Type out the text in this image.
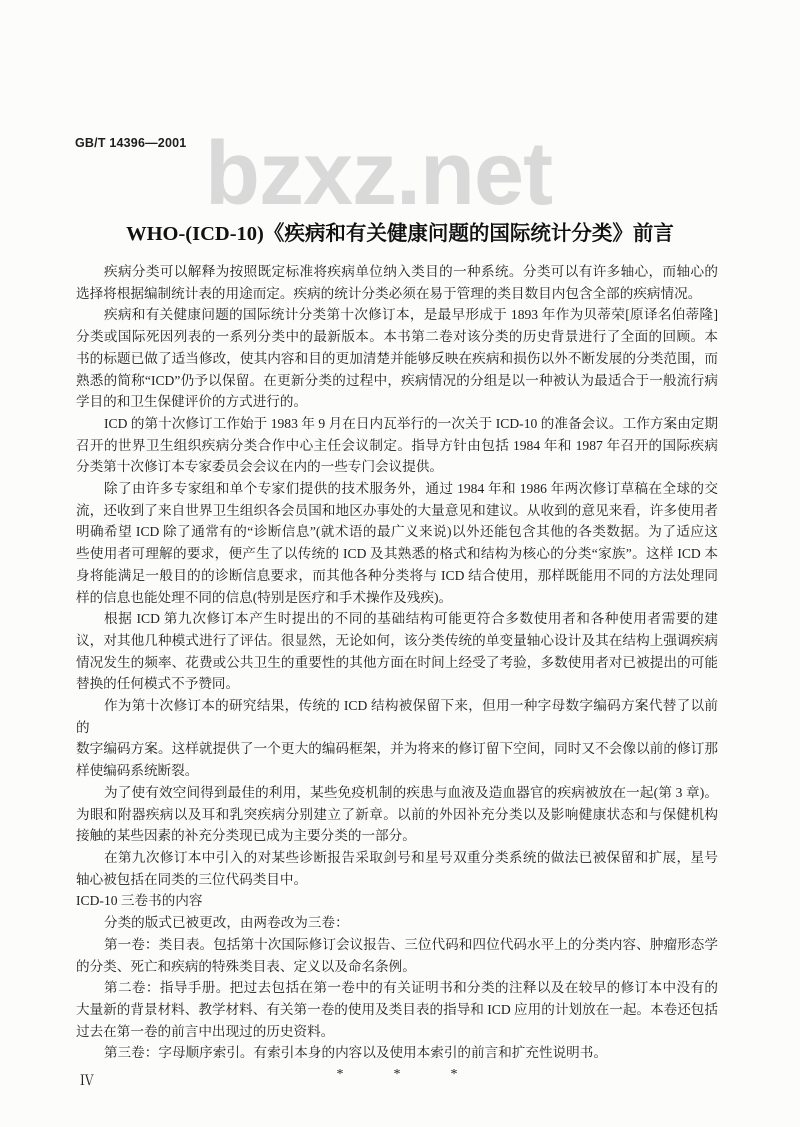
GB/T 14396—2001 bzxz.net
WHO-(ICD-10)《疾病和有关健康问题的国际统计分类》前言
疾病分类可以解释为按照既定标准将疾病单位纳入类目的一种系统。分类可以有许多轴心，而轴心的
选择将根据编制统计表的用途而定。疾病的统计分类必须在易于管理的类目数目内包含全部的疾病情况。
疾病和有关健康问题的国际统计分类第十次修订本，是最早形成于 1893 年作为贝蒂荣[原译名伯蒂隆]
分类或国际死因列表的一系列分类中的最新版本。本书第二卷对该分类的历史背景进行了全面的回顾。本
书的标题已做了适当修改，使其内容和目的更加清楚并能够反映在疾病和损伤以外不断发展的分类范围，而
熟悉的简称“ICD”仍予以保留。在更新分类的过程中，疾病情况的分组是以一种被认为最适合于一般流行病
学目的和卫生保健评价的方式进行的。
ICD 的第十次修订工作始于 1983 年 9 月在日内瓦举行的一次关于 ICD-10 的准备会议。工作方案由定期
召开的世界卫生组织疾病分类合作中心主任会议制定。指导方针由包括 1984 年和 1987 年召开的国际疾病
分类第十次修订本专家委员会会议在内的一些专门会议提供。
除了由许多专家组和单个专家们提供的技术服务外，通过 1984 年和 1986 年两次修订草稿在全球的交
流，还收到了来自世界卫生组织各会员国和地区办事处的大量意见和建议。从收到的意见来看，许多使用者
明确希望 ICD 除了通常有的“诊断信息”(就术语的最广义来说)以外还能包含其他的各类数据。为了适应这
些使用者可理解的要求，便产生了以传统的 ICD 及其熟悉的格式和结构为核心的分类“家族”。这样 ICD 本
身将能满足一般目的的诊断信息要求，而其他各种分类将与 ICD 结合使用，那样既能用不同的方法处理同
样的信息也能处理不同的信息(特别是医疗和手术操作及残疾)。
根据 ICD 第九次修订本产生时提出的不同的基础结构可能更符合多数使用者和各种使用者需要的建
议，对其他几种模式进行了评估。很显然，无论如何，该分类传统的单变量轴心设计及其在结构上强调疾病
情况发生的频率、花费或公共卫生的重要性的其他方面在时间上经受了考验，多数使用者对已被提出的可能
替换的任何模式不予赞同。
作为第十次修订本的研究结果，传统的 ICD 结构被保留下来，但用一种字母数字编码方案代替了以前的
数字编码方案。这样就提供了一个更大的编码框架，并为将来的修订留下空间，同时又不会像以前的修订那
样使编码系统断裂。
为了使有效空间得到最佳的利用，某些免疫机制的疾患与血液及造血器官的疾病被放在一起(第 3 章)。
为眼和附器疾病以及耳和乳突疾病分别建立了新章。以前的外因补充分类以及影响健康状态和与保健机构
接触的某些因素的补充分类现已成为主要分类的一部分。
在第九次修订本中引入的对某些诊断报告采取剑号和星号双重分类系统的做法已被保留和扩展，星号
轴心被包括在同类的三位代码类目中。
ICD-10 三卷书的内容
分类的版式已被更改，由两卷改为三卷：
第一卷：类目表。包括第十次国际修订会议报告、三位代码和四位代码水平上的分类内容、肿瘤形态学
的分类、死亡和疾病的特殊类目表、定义以及命名条例。
第二卷：指导手册。把过去包括在第一卷中的有关证明书和分类的注释以及在较早的修订本中没有的
大量新的背景材料、教学材料、有关第一卷的使用及类目表的指导和 ICD 应用的计划放在一起。本卷还包括
过去在第一卷的前言中出现过的历史资料。
第三卷：字母顺序索引。有索引本身的内容以及使用本索引的前言和扩充性说明书。
*	*	*
Ⅳ
